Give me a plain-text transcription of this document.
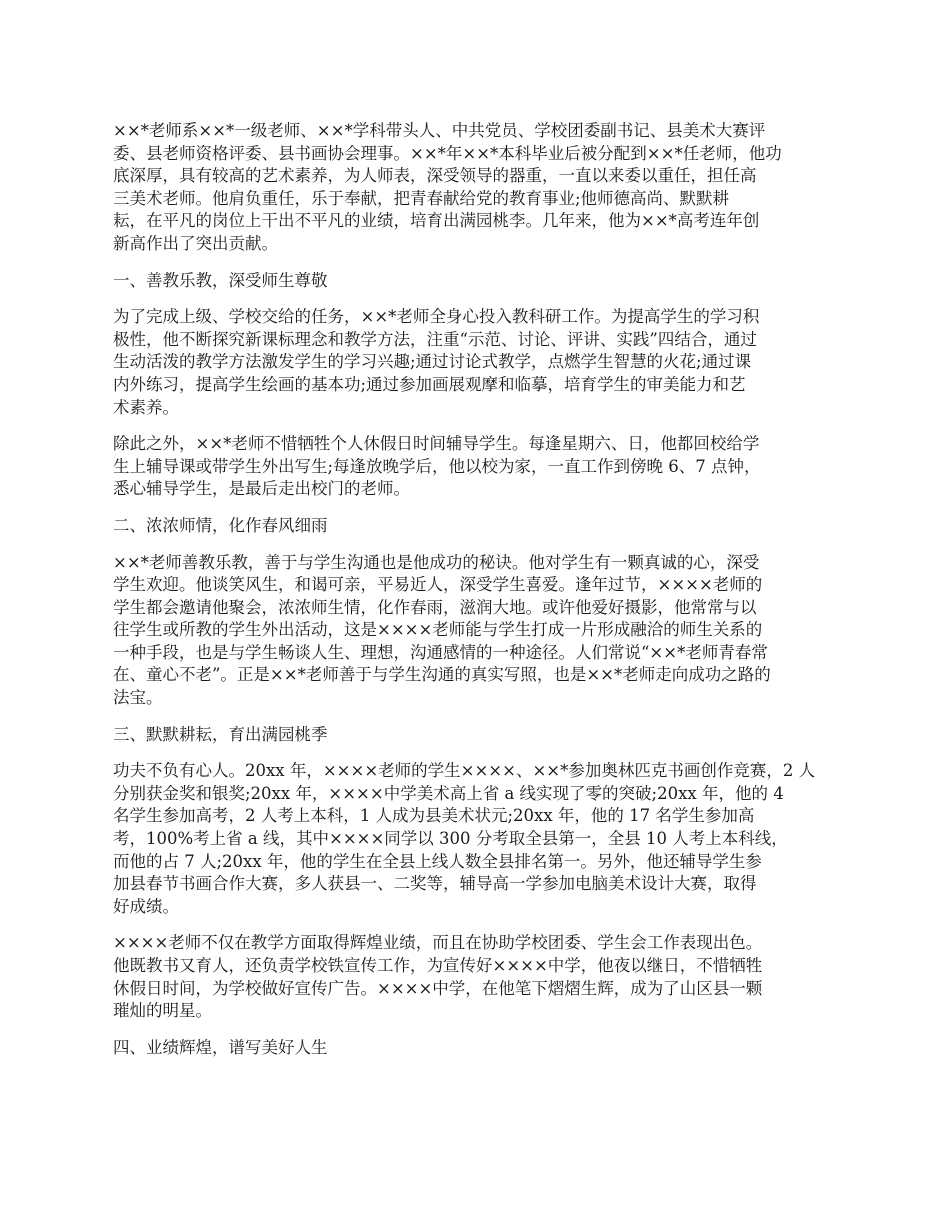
××*老师系××*一级老师、××*学科带头人、中共党员、学校团委副书记、县美术大赛评
委、县老师资格评委、县书画协会理事。××*年××*本科毕业后被分配到××*任老师，他功
底深厚，具有较高的艺术素养，为人师表，深受领导的器重，一直以来委以重任，担任高
三美术老师。他肩负重任，乐于奉献，把青春献给党的教育事业;他师德高尚、默默耕
耘，在平凡的岗位上干出不平凡的业绩，培育出满园桃李。几年来，他为××*高考连年创
新高作出了突出贡献。

一、善教乐教，深受师生尊敬

为了完成上级、学校交给的任务，××*老师全身心投入教科研工作。为提高学生的学习积
极性，他不断探究新课标理念和教学方法，注重“示范、讨论、评讲、实践”四结合，通过
生动活泼的教学方法激发学生的学习兴趣;通过讨论式教学，点燃学生智慧的火花;通过课
内外练习，提高学生绘画的基本功;通过参加画展观摩和临摹，培育学生的审美能力和艺
术素养。

除此之外，××*老师不惜牺牲个人休假日时间辅导学生。每逢星期六、日，他都回校给学
生上辅导课或带学生外出写生;每逢放晚学后，他以校为家，一直工作到傍晚 6、7 点钟，
悉心辅导学生，是最后走出校门的老师。

二、浓浓师情，化作春风细雨

××*老师善教乐教，善于与学生沟通也是他成功的秘诀。他对学生有一颗真诚的心，深受
学生欢迎。他谈笑风生，和谒可亲，平易近人，深受学生喜爱。逢年过节，××××老师的
学生都会邀请他聚会，浓浓师生情，化作春雨，滋润大地。或许他爱好摄影，他常常与以
往学生或所教的学生外出活动，这是××××老师能与学生打成一片形成融洽的师生关系的
一种手段，也是与学生畅谈人生、理想，沟通感情的一种途径。人们常说“××*老师青春常
在、童心不老”。正是××*老师善于与学生沟通的真实写照，也是××*老师走向成功之路的
法宝。

三、默默耕耘，育出满园桃季

功夫不负有心人。20xx 年，××××老师的学生××××、××*参加奥林匹克书画创作竞赛，2 人
分别获金奖和银奖;20xx 年，××××中学美术高上省 a 线实现了零的突破;20xx 年，他的 4
名学生参加高考，2 人考上本科，1 人成为县美术状元;20xx 年，他的 17 名学生参加高
考，100%考上省 a 线，其中××××同学以 300 分考取全县第一，全县 10 人考上本科线，
而他的占 7 人;20xx 年，他的学生在全县上线人数全县排名第一。另外，他还辅导学生参
加县春节书画合作大赛，多人获县一、二奖等，辅导高一学参加电脑美术设计大赛，取得
好成绩。

××××老师不仅在教学方面取得辉煌业绩，而且在协助学校团委、学生会工作表现出色。
他既教书又育人，还负责学校铁宣传工作，为宣传好××××中学，他夜以继日，不惜牺牲
休假日时间，为学校做好宣传广告。××××中学，在他笔下熠熠生辉，成为了山区县一颗
璀灿的明星。

四、业绩辉煌，谱写美好人生
